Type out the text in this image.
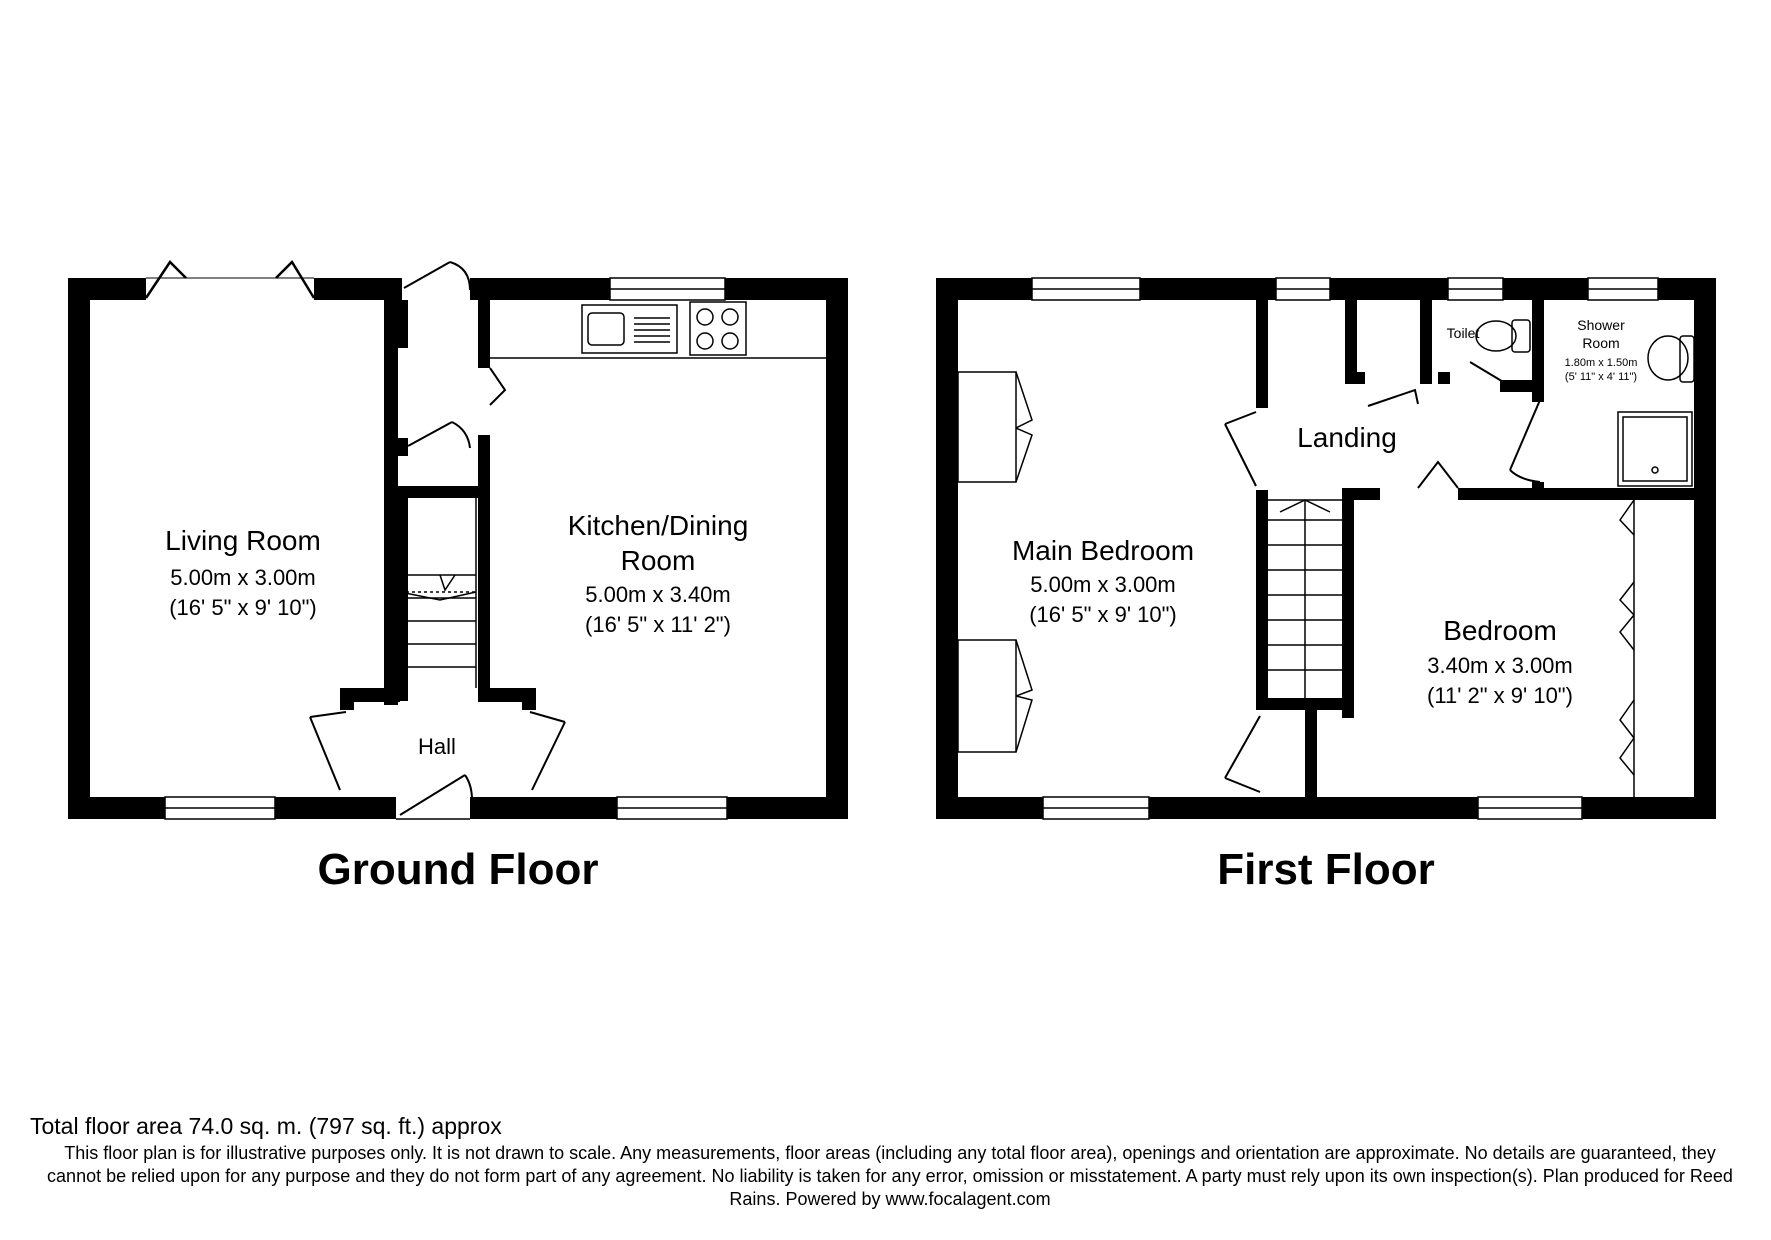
Living Room
5.00m x 3.00m
(16' 5" x 9' 10")
Kitchen/Dining
Room
5.00m x 3.40m
(16' 5" x 11' 2")
Hall
Landing
Main Bedroom
5.00m x 3.00m
(16' 5" x 9' 10")
Bedroom
3.40m x 3.00m
(11' 2" x 9' 10")
Toilet	Shower
Room
1.80m x 1.50m
(5' 11" x 4' 11")
Ground Floor	First Floor
Total floor area 74.0 sq. m. (797 sq. ft.) approx
This floor plan is for illustrative purposes only. It is not drawn to scale. Any measurements, floor areas (including any total floor area), openings and orientation are approximate. No details are guaranteed, they cannot be relied upon for any purpose and they do not form part of any agreement. No liability is taken for any error, omission or misstatement. A party must rely upon its own inspection(s). Plan produced for Reed Rains. Powered by www.focalagent.com
